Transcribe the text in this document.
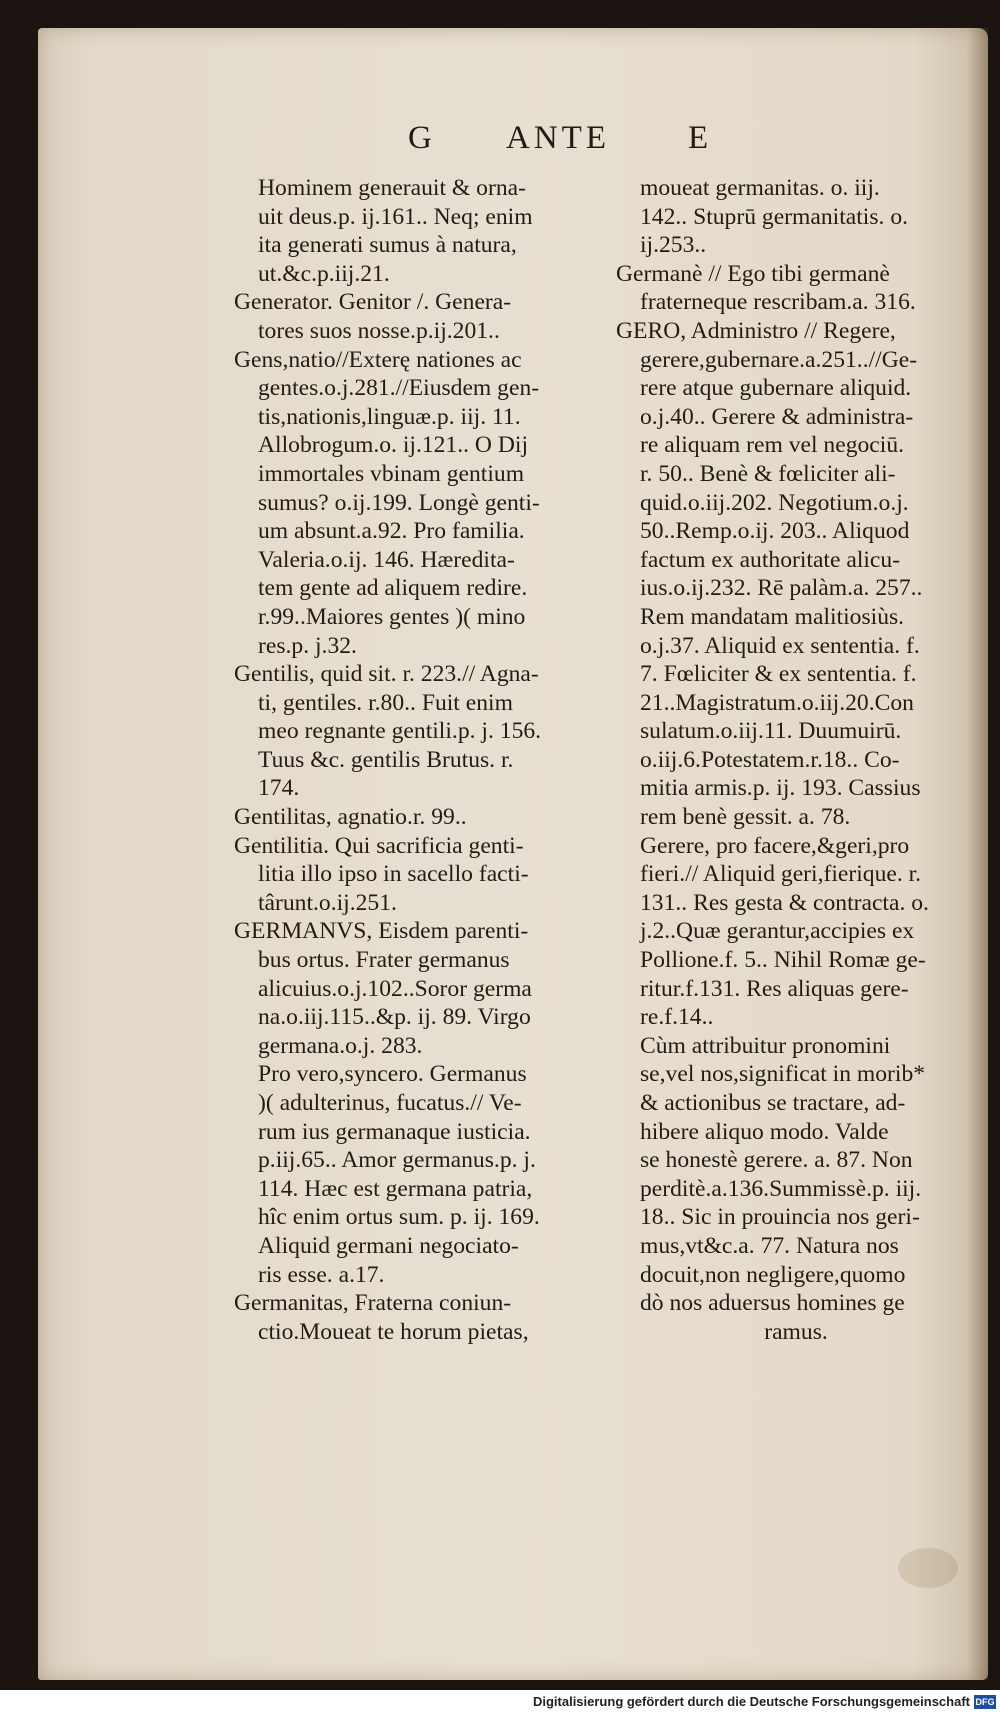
G ANTE E
Hominem generauit & orna-
uit deus.p. ij.161.. Neq; enim
ita generati sumus à natura,
ut.&c.p.iij.21.
Generator. Genitor /. Genera-
tores suos nosse.p.ij.201..
Gens,natio//Exterę nationes ac
gentes.o.j.281.//Eiusdem gen-
tis,nationis,linguæ.p. iij. 11.
Allobrogum.o. ij.121.. O Dij
immortales vbinam gentium
sumus? o.ij.199. Longè genti-
um absunt.a.92. Pro familia.
Valeria.o.ij. 146. Hæredita-
tem gente ad aliquem redire.
r.99..Maiores gentes )( mino
res.p. j.32.
Gentilis, quid sit. r. 223.// Agna-
ti, gentiles. r.80.. Fuit enim
meo regnante gentili.p. j. 156.
Tuus &c. gentilis Brutus. r.
174.
Gentilitas, agnatio.r. 99..
Gentilitia. Qui sacrificia genti-
litia illo ipso in sacello facti-
târunt.o.ij.251.
GERMANVS, Eisdem parenti-
bus ortus. Frater germanus
alicuius.o.j.102..Soror germa
na.o.iij.115..&p. ij. 89. Virgo
germana.o.j. 283.
Pro vero,syncero. Germanus
)( adulterinus, fucatus.// Ve-
rum ius germanaque iusticia.
p.iij.65.. Amor germanus.p. j.
114. Hæc est germana patria,
hîc enim ortus sum. p. ij. 169.
Aliquid germani negociato-
ris esse. a.17.
Germanitas, Fraterna coniun-
ctio.Moueat te horum pietas,
moueat germanitas. o. iij.
142.. Stuprū germanitatis. o.
ij.253..
Germanè // Ego tibi germanè
fraterneque rescribam.a. 316.
GERO, Administro // Regere,
gerere,gubernare.a.251..//Ge-
rere atque gubernare aliquid.
o.j.40.. Gerere & administra-
re aliquam rem vel negociū.
r. 50.. Benè & fœliciter ali-
quid.o.iij.202. Negotium.o.j.
50..Remp.o.ij. 203.. Aliquod
factum ex authoritate alicu-
ius.o.ij.232. Rē palàm.a. 257..
Rem mandatam malitiosiùs.
o.j.37. Aliquid ex sententia. f.
7. Fœliciter & ex sententia. f.
21..Magistratum.o.iij.20.Con
sulatum.o.iij.11. Duumuirū.
o.iij.6.Potestatem.r.18.. Co-
mitia armis.p. ij. 193. Cassius
rem benè gessit. a. 78.
Gerere, pro facere,&geri,pro
fieri.// Aliquid geri,fierique. r.
131.. Res gesta & contracta. o.
j.2..Quæ gerantur,accipies ex
Pollione.f. 5.. Nihil Romæ ge-
ritur.f.131. Res aliquas gere-
re.f.14..
Cùm attribuitur pronomini
se,vel nos,significat in morib*
& actionibus se tractare, ad-
hibere aliquo modo. Valde
se honestè gerere. a. 87. Non
perditè.a.136.Summissè.p. iij.
18.. Sic in prouincia nos geri-
mus,vt&c.a. 77. Natura nos
docuit,non negligere,quomo
dò nos aduersus homines ge
ramus.
Digitalisierung gefördert durch die Deutsche Forschungsgemeinschaft DFG
